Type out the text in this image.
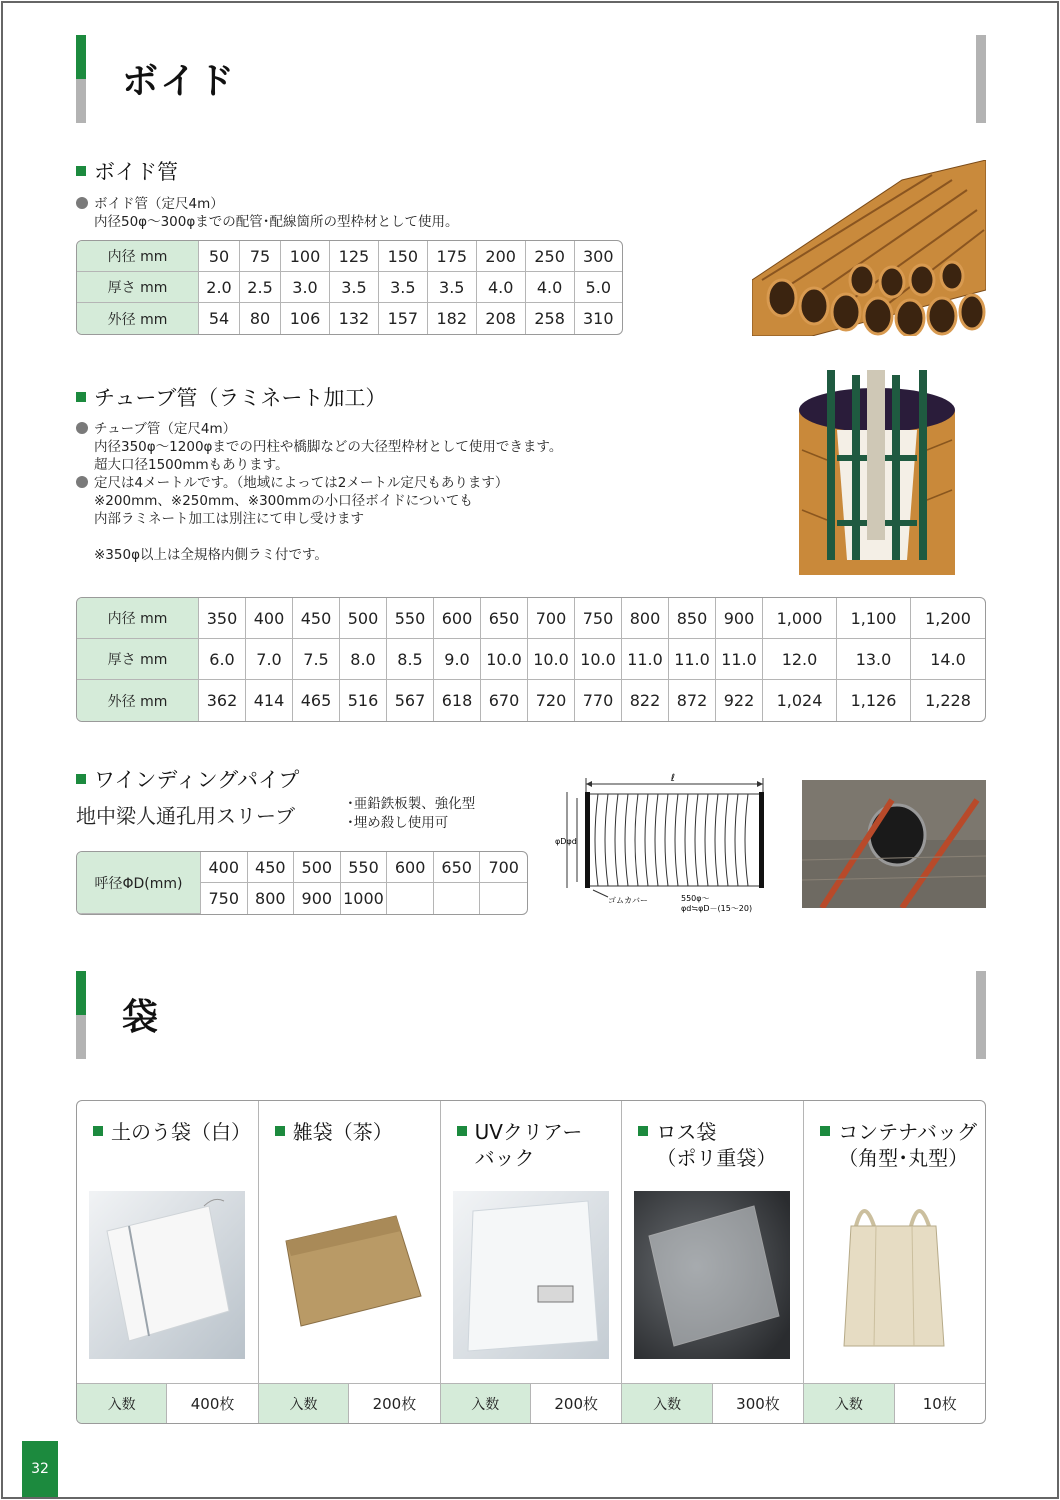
ボイド
ボイド管
ボイド管（定尺4m）
内径50φ～300φまでの配管･配線箇所の型枠材として使用。
内径 mm	50	75	100	125	150	175	200	250	300
厚さ mm	2.0	2.5	3.0	3.5	3.5	3.5	4.0	4.0	5.0
外径 mm	54	80	106	132	157	182	208	258	310
チューブ管（ラミネート加工）
チューブ管（定尺4m）
内径350φ～1200φまでの円柱や橋脚などの大径型枠材として使用できます。
超大口径1500mmもあります。
定尺は4メートルです。（地域によっては2メートル定尺もあります）
※200mm、※250mm、※300mmの小口径ボイドについても
内部ラミネート加工は別注にて申し受けます
※350φ以上は全規格内側ラミ付です。
内径 mm	350	400	450	500	550	600	650	700	750	800	850	900	1,000	1,100	1,200
厚さ mm	6.0	7.0	7.5	8.0	8.5	9.0	10.0	10.0	10.0	11.0	11.0	11.0	12.0	13.0	14.0
外径 mm	362	414	465	516	567	618	670	720	770	822	872	922	1,024	1,126	1,228
ワインディングパイプ
地中梁人通孔用スリーブ	･亜鉛鉄板製、強化型
･埋め殺し使用可
呼径ΦD(mm)	400	450	500	550	600	650	700
	750	800	900	1000			
ℓ
φDφd
ゴムカバー	550φ～
φd≒φD－(15～20)
袋
土のう袋（白）
入数	400枚
雑袋（茶）
入数	200枚
UVクリアー
バック
入数	200枚
ロス袋
（ポリ重袋）
入数	300枚
コンテナバッグ
（角型･丸型）
入数	10枚
32
